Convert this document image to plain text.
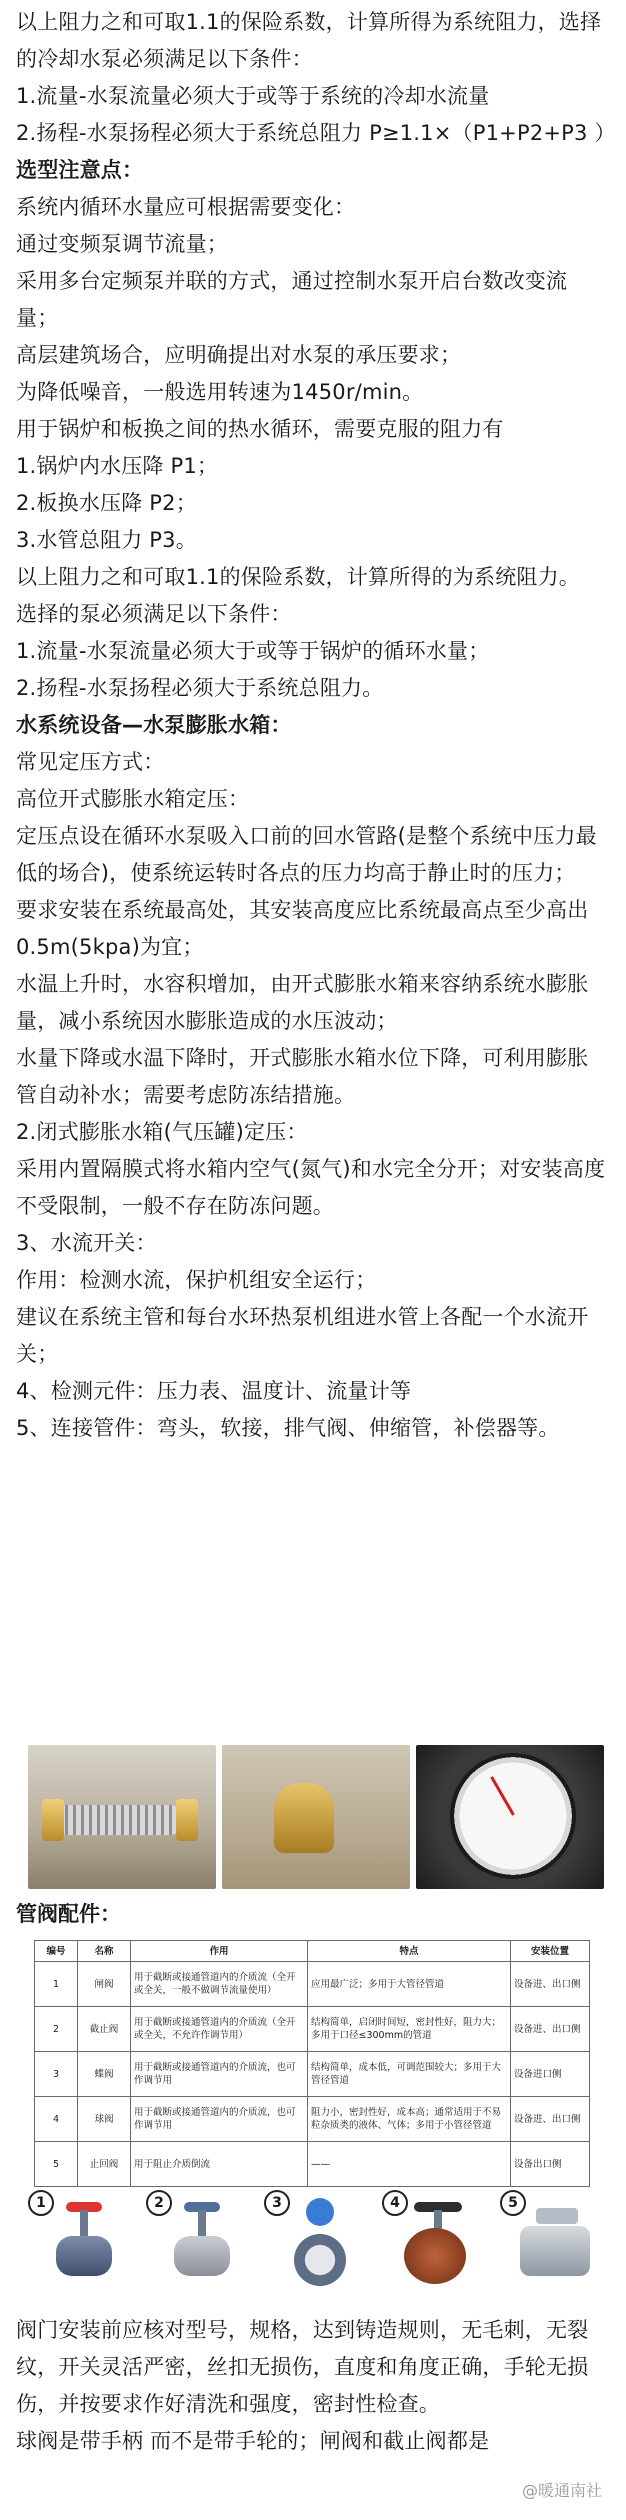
以上阻力之和可取1.1的保险系数，计算所得为系统阻力，选择的冷却水泵必须满足以下条件：

1.流量-水泵流量必须大于或等于系统的冷却水流量

2.扬程-水泵扬程必须大于系统总阻力 P≥1.1×（P1+P2+P3 ）

选型注意点：

系统内循环水量应可根据需要变化：

通过变频泵调节流量；

采用多台定频泵并联的方式，通过控制水泵开启台数改变流量；

高层建筑场合，应明确提出对水泵的承压要求；

为降低噪音，一般选用转速为1450r/min。

用于锅炉和板换之间的热水循环，需要克服的阻力有

1.锅炉内水压降 P1；

2.板换水压降 P2；

3.水管总阻力 P3。

以上阻力之和可取1.1的保险系数，计算所得的为系统阻力。

选择的泵必须满足以下条件：

1.流量-水泵流量必须大于或等于锅炉的循环水量；

2.扬程-水泵扬程必须大于系统总阻力。

水系统设备—水泵膨胀水箱：

常见定压方式：

高位开式膨胀水箱定压：

定压点设在循环水泵吸入口前的回水管路(是整个系统中压力最低的场合)，使系统运转时各点的压力均高于静止时的压力；

要求安装在系统最高处，其安装高度应比系统最高点至少高出0.5m(5kpa)为宜；

水温上升时，水容积增加，由开式膨胀水箱来容纳系统水膨胀量，减小系统因水膨胀造成的水压波动；

水量下降或水温下降时，开式膨胀水箱水位下降，可利用膨胀管自动补水；需要考虑防冻结措施。

2.闭式膨胀水箱(气压罐)定压：

采用内置隔膜式将水箱内空气(氮气)和水完全分开；对安装高度不受限制，一般不存在防冻问题。

3、水流开关：

作用：检测水流，保护机组安全运行；

建议在系统主管和每台水环热泵机组进水管上各配一个水流开关；

4、检测元件：压力表、温度计、流量计等

5、连接管件：弯头，软接，排气阀、伸缩管，补偿器等。

管阀配件：
编号	名称	作用	特点	安装位置
1	闸阀	用于截断或接通管道内的介质流（全开或全关，一般不做调节流量使用）	应用最广泛；多用于大管径管道	设备进、出口侧
2	截止阀	用于截断或接通管道内的介质流（全开或全关，不允许作调节用）	结构简单，启闭时间短，密封性好，阻力大；多用于口径≤300mm的管道	设备进、出口侧
3	蝶阀	用于截断或接通管道内的介质流，也可作调节用	结构简单，成本低，可调范围较大；多用于大管径管道	设备进口侧
4	球阀	用于截断或接通管道内的介质流，也可作调节用	阻力小，密封性好，成本高；通常适用于不易粒杂质类的液体、气体；多用于小管径管道	设备进、出口侧
5	止回阀	用于阻止介质倒流	——	设备出口侧
1	2	3	4	5

阀门安装前应核对型号，规格，达到铸造规则，无毛刺，无裂纹，开关灵活严密，丝扣无损伤，直度和角度正确，手轮无损伤，并按要求作好清洗和强度，密封性检查。

球阀是带手柄 而不是带手轮的；闸阀和截止阀都是

@暖通南社
